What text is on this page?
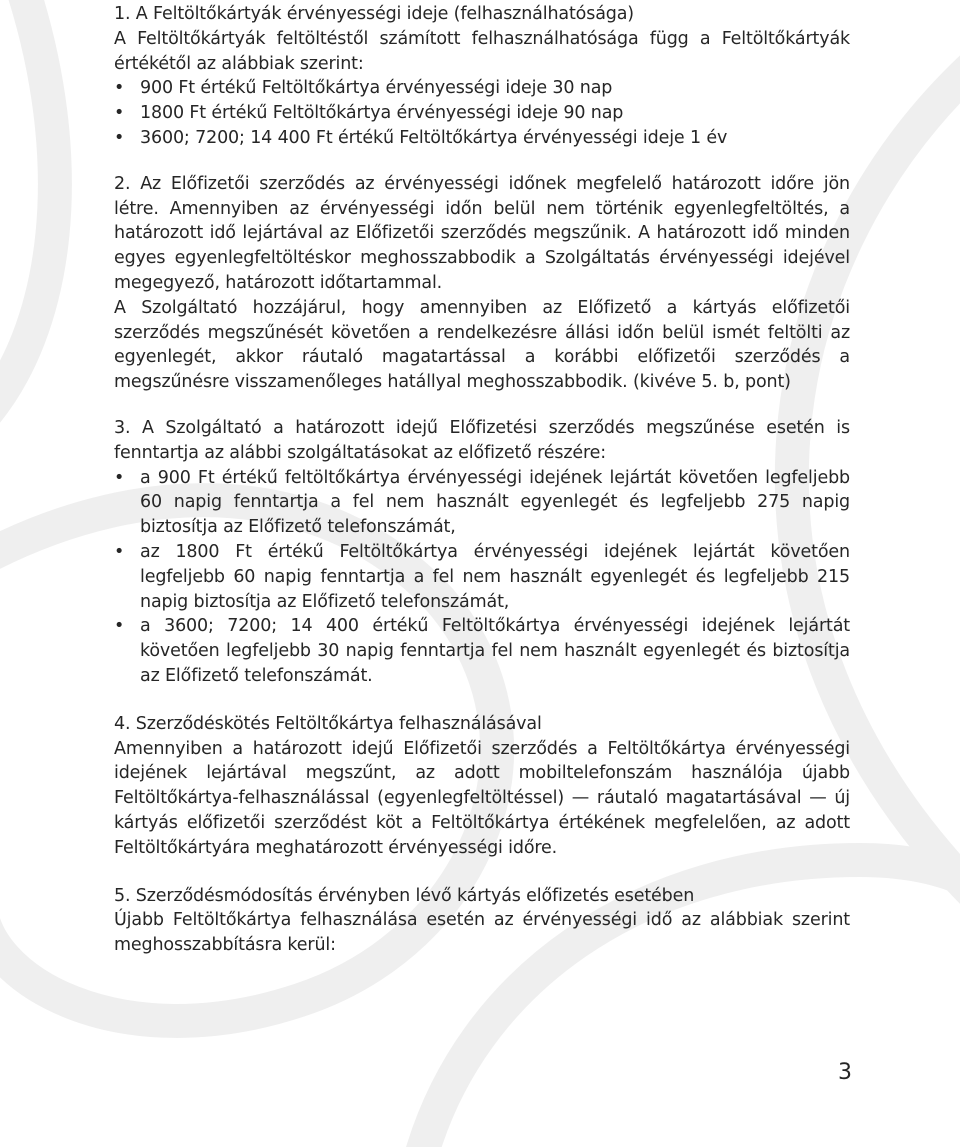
1. A Feltöltőkártyák érvényességi ideje (felhasználhatósága)

A Feltöltőkártyák feltöltéstől számított felhasználhatósága függ a Feltöltőkártyák értékétől az alábbiak szerint:

• 900 Ft értékű Feltöltőkártya érvényességi ideje 30 nap
• 1800 Ft értékű Feltöltőkártya érvényességi ideje 90 nap
• 3600; 7200; 14 400 Ft értékű Feltöltőkártya érvényességi ideje 1 év

2. Az Előfizetői szerződés az érvényességi időnek megfelelő határozott időre jön létre. Amennyiben az érvényességi időn belül nem történik egyenlegfeltöltés, a határozott idő lejártával az Előfizetői szerződés megszűnik. A határozott idő minden egyes egyenlegfeltöltéskor meghosszabbodik a Szolgáltatás érvényességi idejével megegyező, határozott időtartammal.

A Szolgáltató hozzájárul, hogy amennyiben az Előfizető a kártyás előfizetői szerződés megszűnését követően a rendelkezésre állási időn belül ismét feltölti az egyenlegét, akkor ráutaló magatartással a korábbi előfizetői szerződés a megszűnésre visszamenőleges hatállyal meghosszabbodik. (kivéve 5. b, pont)

3. A Szolgáltató a határozott idejű Előfizetési szerződés megszűnése esetén is fenntartja az alábbi szolgáltatásokat az előfizető részére:

• a 900 Ft értékű feltöltőkártya érvényességi idejének lejártát követően legfeljebb 60 napig fenntartja a fel nem használt egyenlegét és legfeljebb 275 napig biztosítja az Előfizető telefonszámát,
• az 1800 Ft értékű Feltöltőkártya érvényességi idejének lejártát követően legfeljebb 60 napig fenntartja a fel nem használt egyenlegét és legfeljebb 215 napig biztosítja az Előfizető telefonszámát,
• a 3600; 7200; 14 400 értékű Feltöltőkártya érvényességi idejének lejártát követően legfeljebb 30 napig fenntartja fel nem használt egyenlegét és biztosítja az Előfizető telefonszámát.

4. Szerződéskötés Feltöltőkártya felhasználásával

Amennyiben a határozott idejű Előfizetői szerződés a Feltöltőkártya érvényességi idejének lejártával megszűnt, az adott mobiltelefonszám használója újabb Feltöltőkártya-felhasználással (egyenlegfeltöltéssel) — ráutaló magatartásával — új kártyás előfizetői szerződést köt a Feltöltőkártya értékének megfelelően, az adott Feltöltőkártyára meghatározott érvényességi időre.

5. Szerződésmódosítás érvényben lévő kártyás előfizetés esetében

Újabb Feltöltőkártya felhasználása esetén az érvényességi idő az alábbiak szerint meghosszabbításra kerül:

3
